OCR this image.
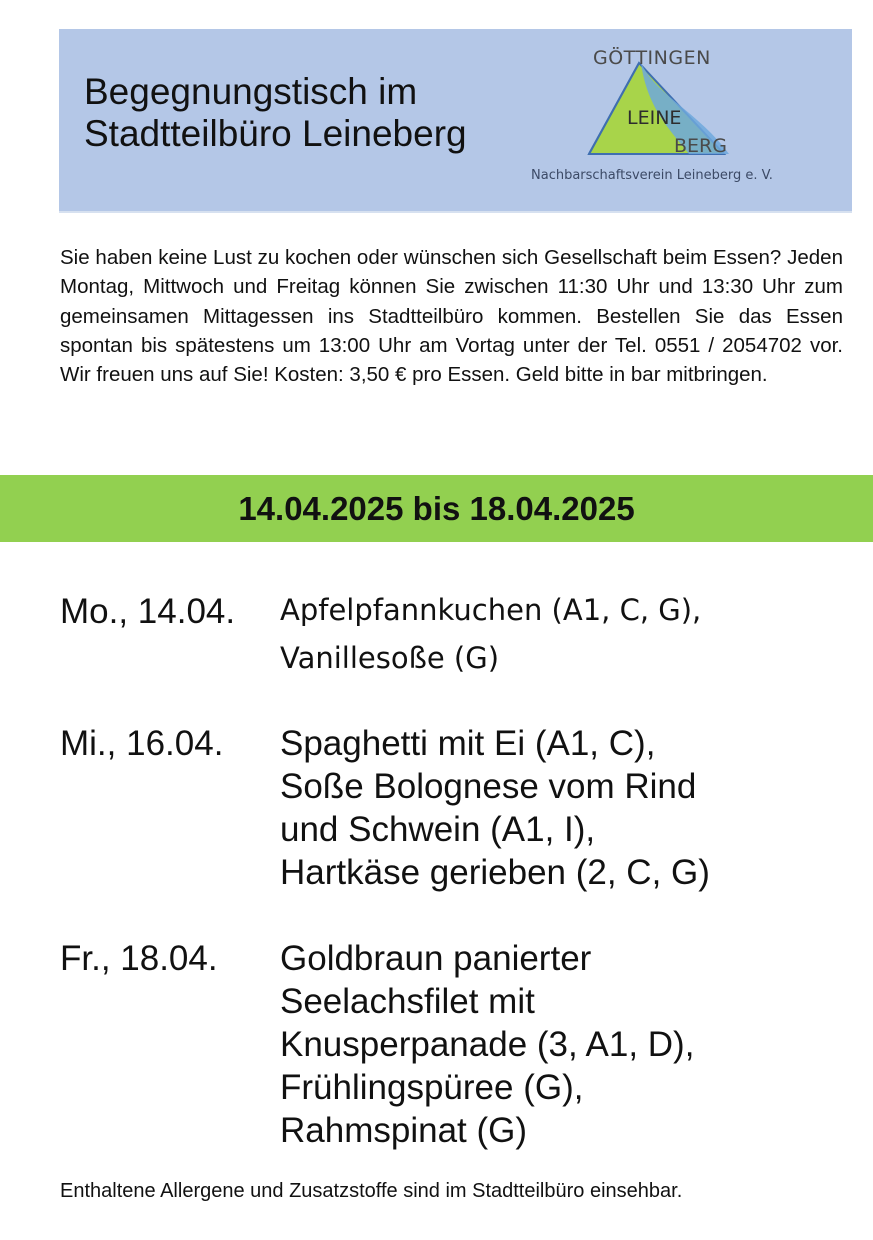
Begegnungstisch im
Stadtteilbüro Leineberg
GÖTTINGEN
LEINE
BERG
Nachbarschaftsverein Leineberg e. V.
Sie haben keine Lust zu kochen oder wünschen sich Gesellschaft beim Essen? Jeden Montag, Mittwoch und Freitag können Sie zwischen 11:30 Uhr und 13:30 Uhr zum gemeinsamen Mittagessen ins Stadtteilbüro kommen. Bestellen Sie das Essen spontan bis spätestens um 13:00 Uhr am Vortag unter der Tel. 0551 / 2054702 vor. Wir freuen uns auf Sie! Kosten: 3,50 € pro Essen. Geld bitte in bar mitbringen.
14.04.2025 bis 18.04.2025
Mo., 14.04. Apfelpfannkuchen (A1, C, G),
Vanillesoße (G)
Mi., 16.04. Spaghetti mit Ei (A1, C),
Soße Bolognese vom Rind
und Schwein (A1, I),
Hartkäse gerieben (2, C, G)
Fr., 18.04. Goldbraun panierter
Seelachsfilet mit
Knusperpanade (3, A1, D),
Frühlingspüree (G),
Rahmspinat (G)
Enthaltene Allergene und Zusatzstoffe sind im Stadtteilbüro einsehbar.
